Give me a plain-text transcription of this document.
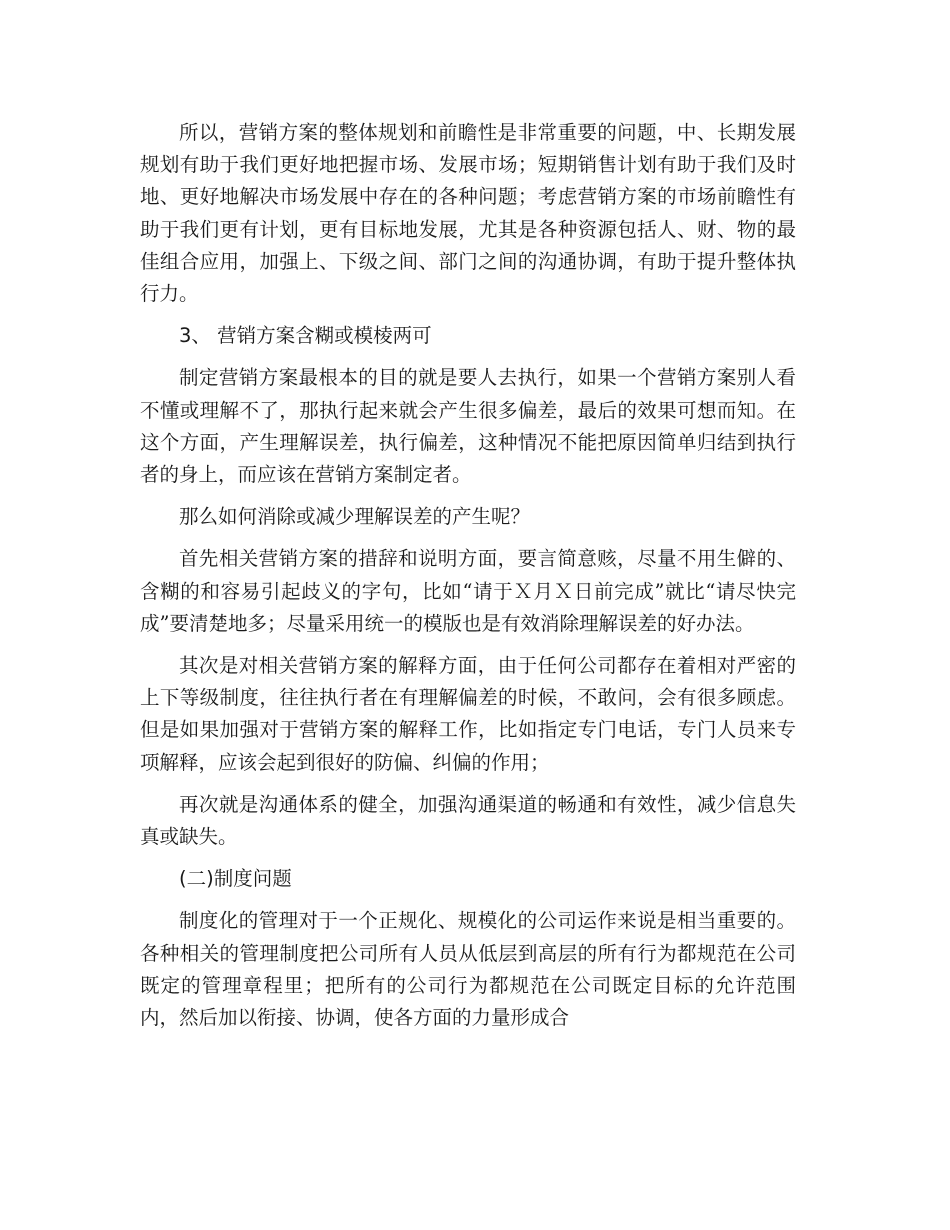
所以，营销方案的整体规划和前瞻性是非常重要的问题，中、长期发展规划有助于我们更好地把握市场、发展市场；短期销售计划有助于我们及时地、更好地解决市场发展中存在的各种问题；考虑营销方案的市场前瞻性有助于我们更有计划，更有目标地发展，尤其是各种资源包括人、财、物的最佳组合应用，加强上、下级之间、部门之间的沟通协调，有助于提升整体执行力。

3、 营销方案含糊或模棱两可

制定营销方案最根本的目的就是要人去执行，如果一个营销方案别人看不懂或理解不了，那执行起来就会产生很多偏差，最后的效果可想而知。在这个方面，产生理解误差，执行偏差，这种情况不能把原因简单归结到执行者的身上，而应该在营销方案制定者。

那么如何消除或减少理解误差的产生呢？

首先相关营销方案的措辞和说明方面，要言简意赅，尽量不用生僻的、含糊的和容易引起歧义的字句，比如“请于Ｘ月Ｘ日前完成”就比“请尽快完成”要清楚地多；尽量采用统一的模版也是有效消除理解误差的好办法。

其次是对相关营销方案的解释方面，由于任何公司都存在着相对严密的上下等级制度，往往执行者在有理解偏差的时候，不敢问，会有很多顾虑。但是如果加强对于营销方案的解释工作，比如指定专门电话，专门人员来专项解释，应该会起到很好的防偏、纠偏的作用；

再次就是沟通体系的健全，加强沟通渠道的畅通和有效性，减少信息失真或缺失。

(二)制度问题

制度化的管理对于一个正规化、规模化的公司运作来说是相当重要的。各种相关的管理制度把公司所有人员从低层到高层的所有行为都规范在公司既定的管理章程里；把所有的公司行为都规范在公司既定目标的允许范围内，然后加以衔接、协调，使各方面的力量形成合
